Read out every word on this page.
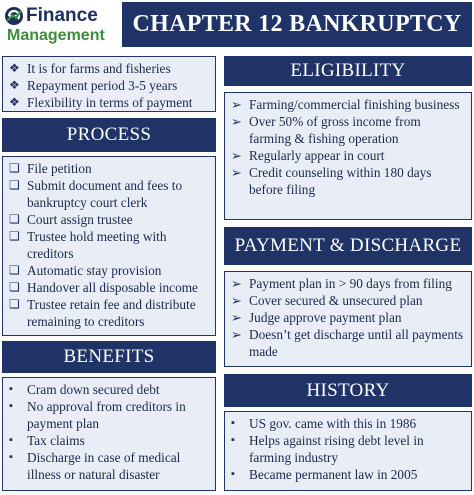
Finance
Management	CHAPTER 12 BANKRUPTCY
❖ It is for farms and fisheries
❖ Repayment period 3-5 years
❖ Flexibility in terms of payment
PROCESS
❑ File petition
❑ Submit document and fees to bankruptcy court clerk
❑ Court assign trustee
❑ Trustee hold meeting with creditors
❑ Automatic stay provision
❑ Handover all disposable income
❑ Trustee retain fee and distribute remaining to creditors
BENEFITS
▪	Cram down secured debt
▪	No approval from creditors in payment plan
▪	Tax claims
▪	Discharge in case of medical illness or natural disaster
ELIGIBILITY
➢ Farming/commercial finishing business
➢ Over 50% of gross income from farming & fishing operation
➢ Regularly appear in court
➢ Credit counseling within 180 days before filing
PAYMENT & DISCHARGE
➢ Payment plan in > 90 days from filing
➢ Cover secured & unsecured plan
➢ Judge approve payment plan
➢ Doesn’t get discharge until all payments made
HISTORY
▪	US gov. came with this in 1986
▪	Helps against rising debt level in farming industry
▪	Became permanent law in 2005
